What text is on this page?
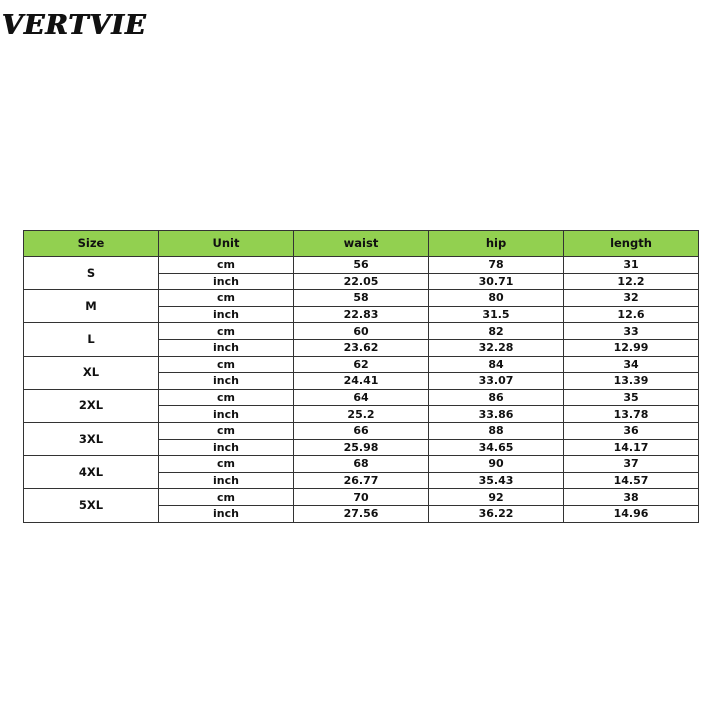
VERTVIE
Size	Unit	waist	hip	length
S	cm	56	78	31
	inch	22.05	30.71	12.2
M	cm	58	80	32
	inch	22.83	31.5	12.6
L	cm	60	82	33
	inch	23.62	32.28	12.99
XL	cm	62	84	34
	inch	24.41	33.07	13.39
2XL	cm	64	86	35
	inch	25.2	33.86	13.78
3XL	cm	66	88	36
	inch	25.98	34.65	14.17
4XL	cm	68	90	37
	inch	26.77	35.43	14.57
5XL	cm	70	92	38
	inch	27.56	36.22	14.96
